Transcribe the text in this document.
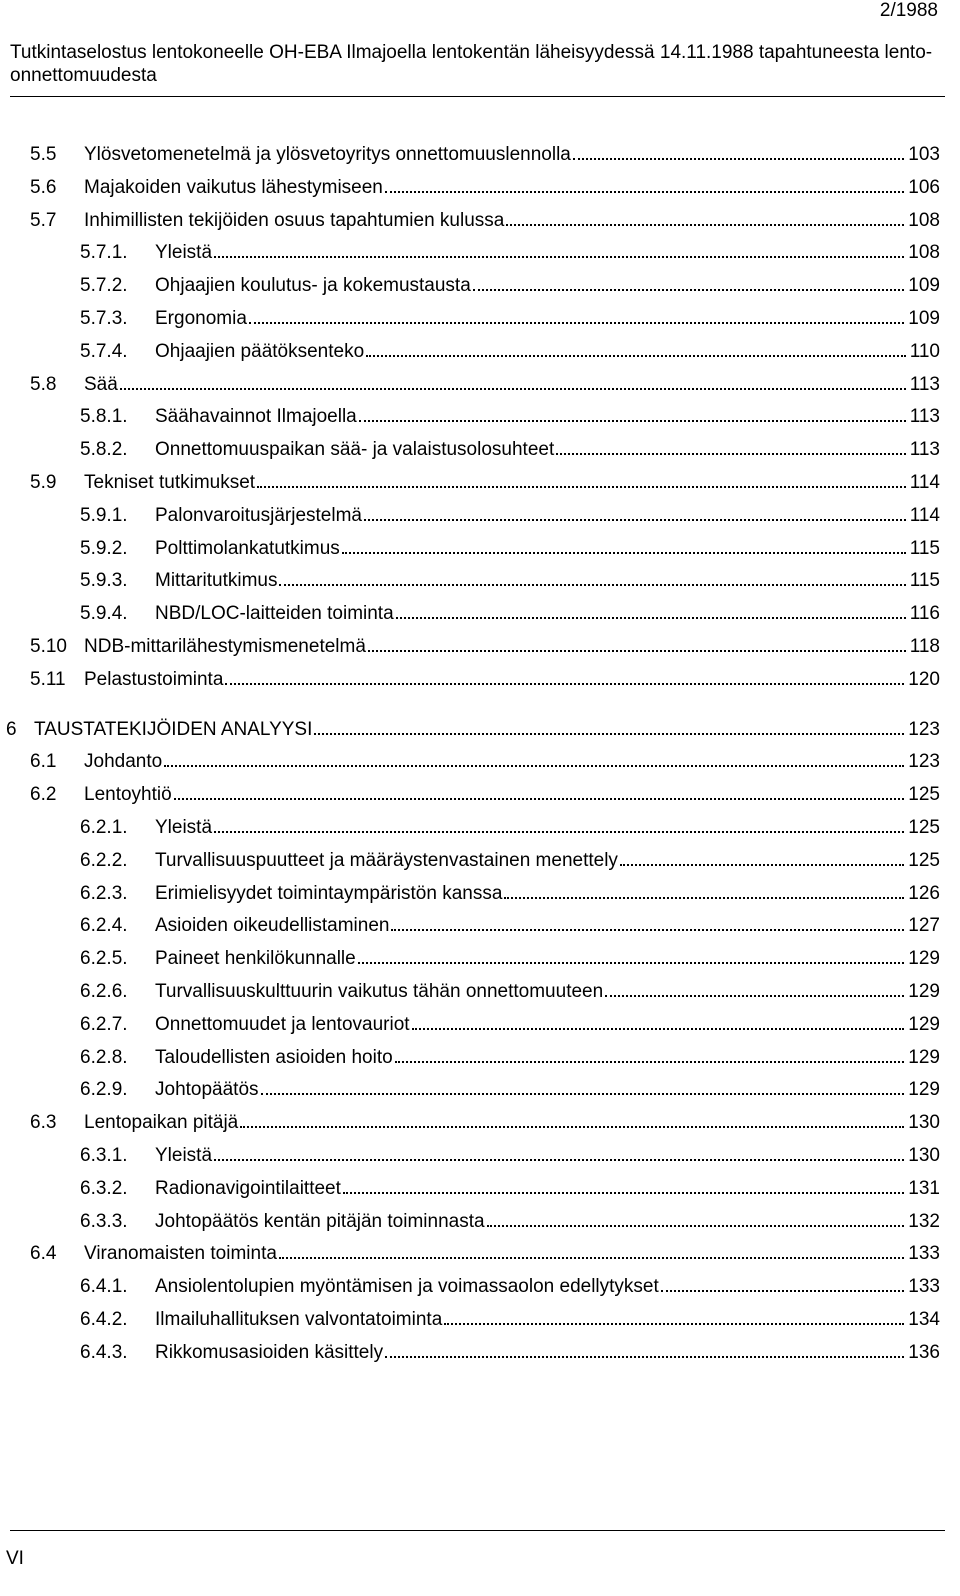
2/1988
Tutkintaselostus lentokoneelle OH-EBA Ilmajoella lentokentän läheisyydessä 14.11.1988 tapahtuneesta lento-onnettomuudesta
5.5	Ylösvetomenetelmä ja ylösvetoyritys onnettomuuslennolla	103
5.6	Majakoiden vaikutus lähestymiseen	106
5.7	Inhimillisten tekijöiden osuus tapahtumien kulussa	108
5.7.1.	Yleistä	108
5.7.2.	Ohjaajien koulutus- ja kokemustausta	109
5.7.3.	Ergonomia	109
5.7.4.	Ohjaajien päätöksenteko	110
5.8	Sää	113
5.8.1.	Säähavainnot Ilmajoella	113
5.8.2.	Onnettomuuspaikan sää- ja valaistusolosuhteet	113
5.9	Tekniset tutkimukset	114
5.9.1.	Palonvaroitusjärjestelmä	114
5.9.2.	Polttimolankatutkimus	115
5.9.3.	Mittaritutkimus	115
5.9.4.	NBD/LOC-laitteiden toiminta	116
5.10 NDB-mittarilähestymismenetelmä	118
5.11 Pelastustoiminta	120
6 TAUSTATEKIJÖIDEN ANALYYSI	123
6.1	Johdanto	123
6.2	Lentoyhtiö	125
6.2.1.	Yleistä	125
6.2.2.	Turvallisuuspuutteet ja määräystenvastainen menettely	125
6.2.3.	Erimielisyydet toimintaympäristön kanssa	126
6.2.4.	Asioiden oikeudellistaminen	127
6.2.5.	Paineet henkilökunnalle	129
6.2.6.	Turvallisuuskulttuurin vaikutus tähän onnettomuuteen	129
6.2.7.	Onnettomuudet ja lentovauriot	129
6.2.8.	Taloudellisten asioiden hoito	129
6.2.9.	Johtopäätös	129
6.3	Lentopaikan pitäjä	130
6.3.1.	Yleistä	130
6.3.2.	Radionavigointilaitteet	131
6.3.3.	Johtopäätös kentän pitäjän toiminnasta	132
6.4	Viranomaisten toiminta	133
6.4.1.	Ansiolentolupien myöntämisen ja voimassaolon edellytykset	133
6.4.2.	Ilmailuhallituksen valvontatoiminta	134
6.4.3.	Rikkomusasioiden käsittely	136
VI
